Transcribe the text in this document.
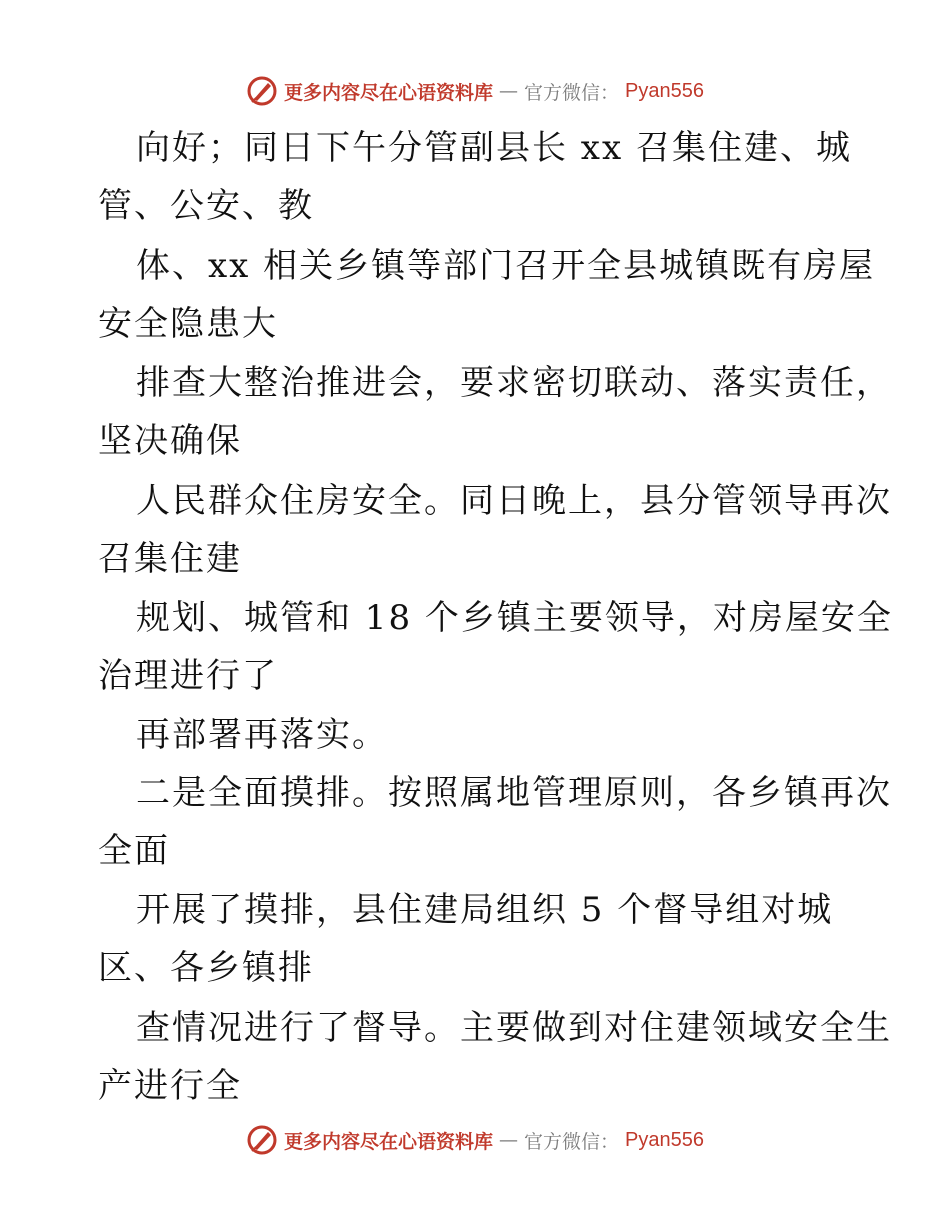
更多内容尽在心语资料库 — 官方微信： Pyan556
向好；同日下午分管副县长 xx 召集住建、城
管、公安、教
体、xx 相关乡镇等部门召开全县城镇既有房屋
安全隐患大
排查大整治推进会，要求密切联动、落实责任，
坚决确保
人民群众住房安全。同日晚上，县分管领导再次
召集住建
规划、城管和 18 个乡镇主要领导，对房屋安全
治理进行了
再部署再落实。
二是全面摸排。按照属地管理原则，各乡镇再次
全面
开展了摸排，县住建局组织 5 个督导组对城
区、各乡镇排
查情况进行了督导。主要做到对住建领域安全生
产进行全
更多内容尽在心语资料库 — 官方微信： Pyan556
